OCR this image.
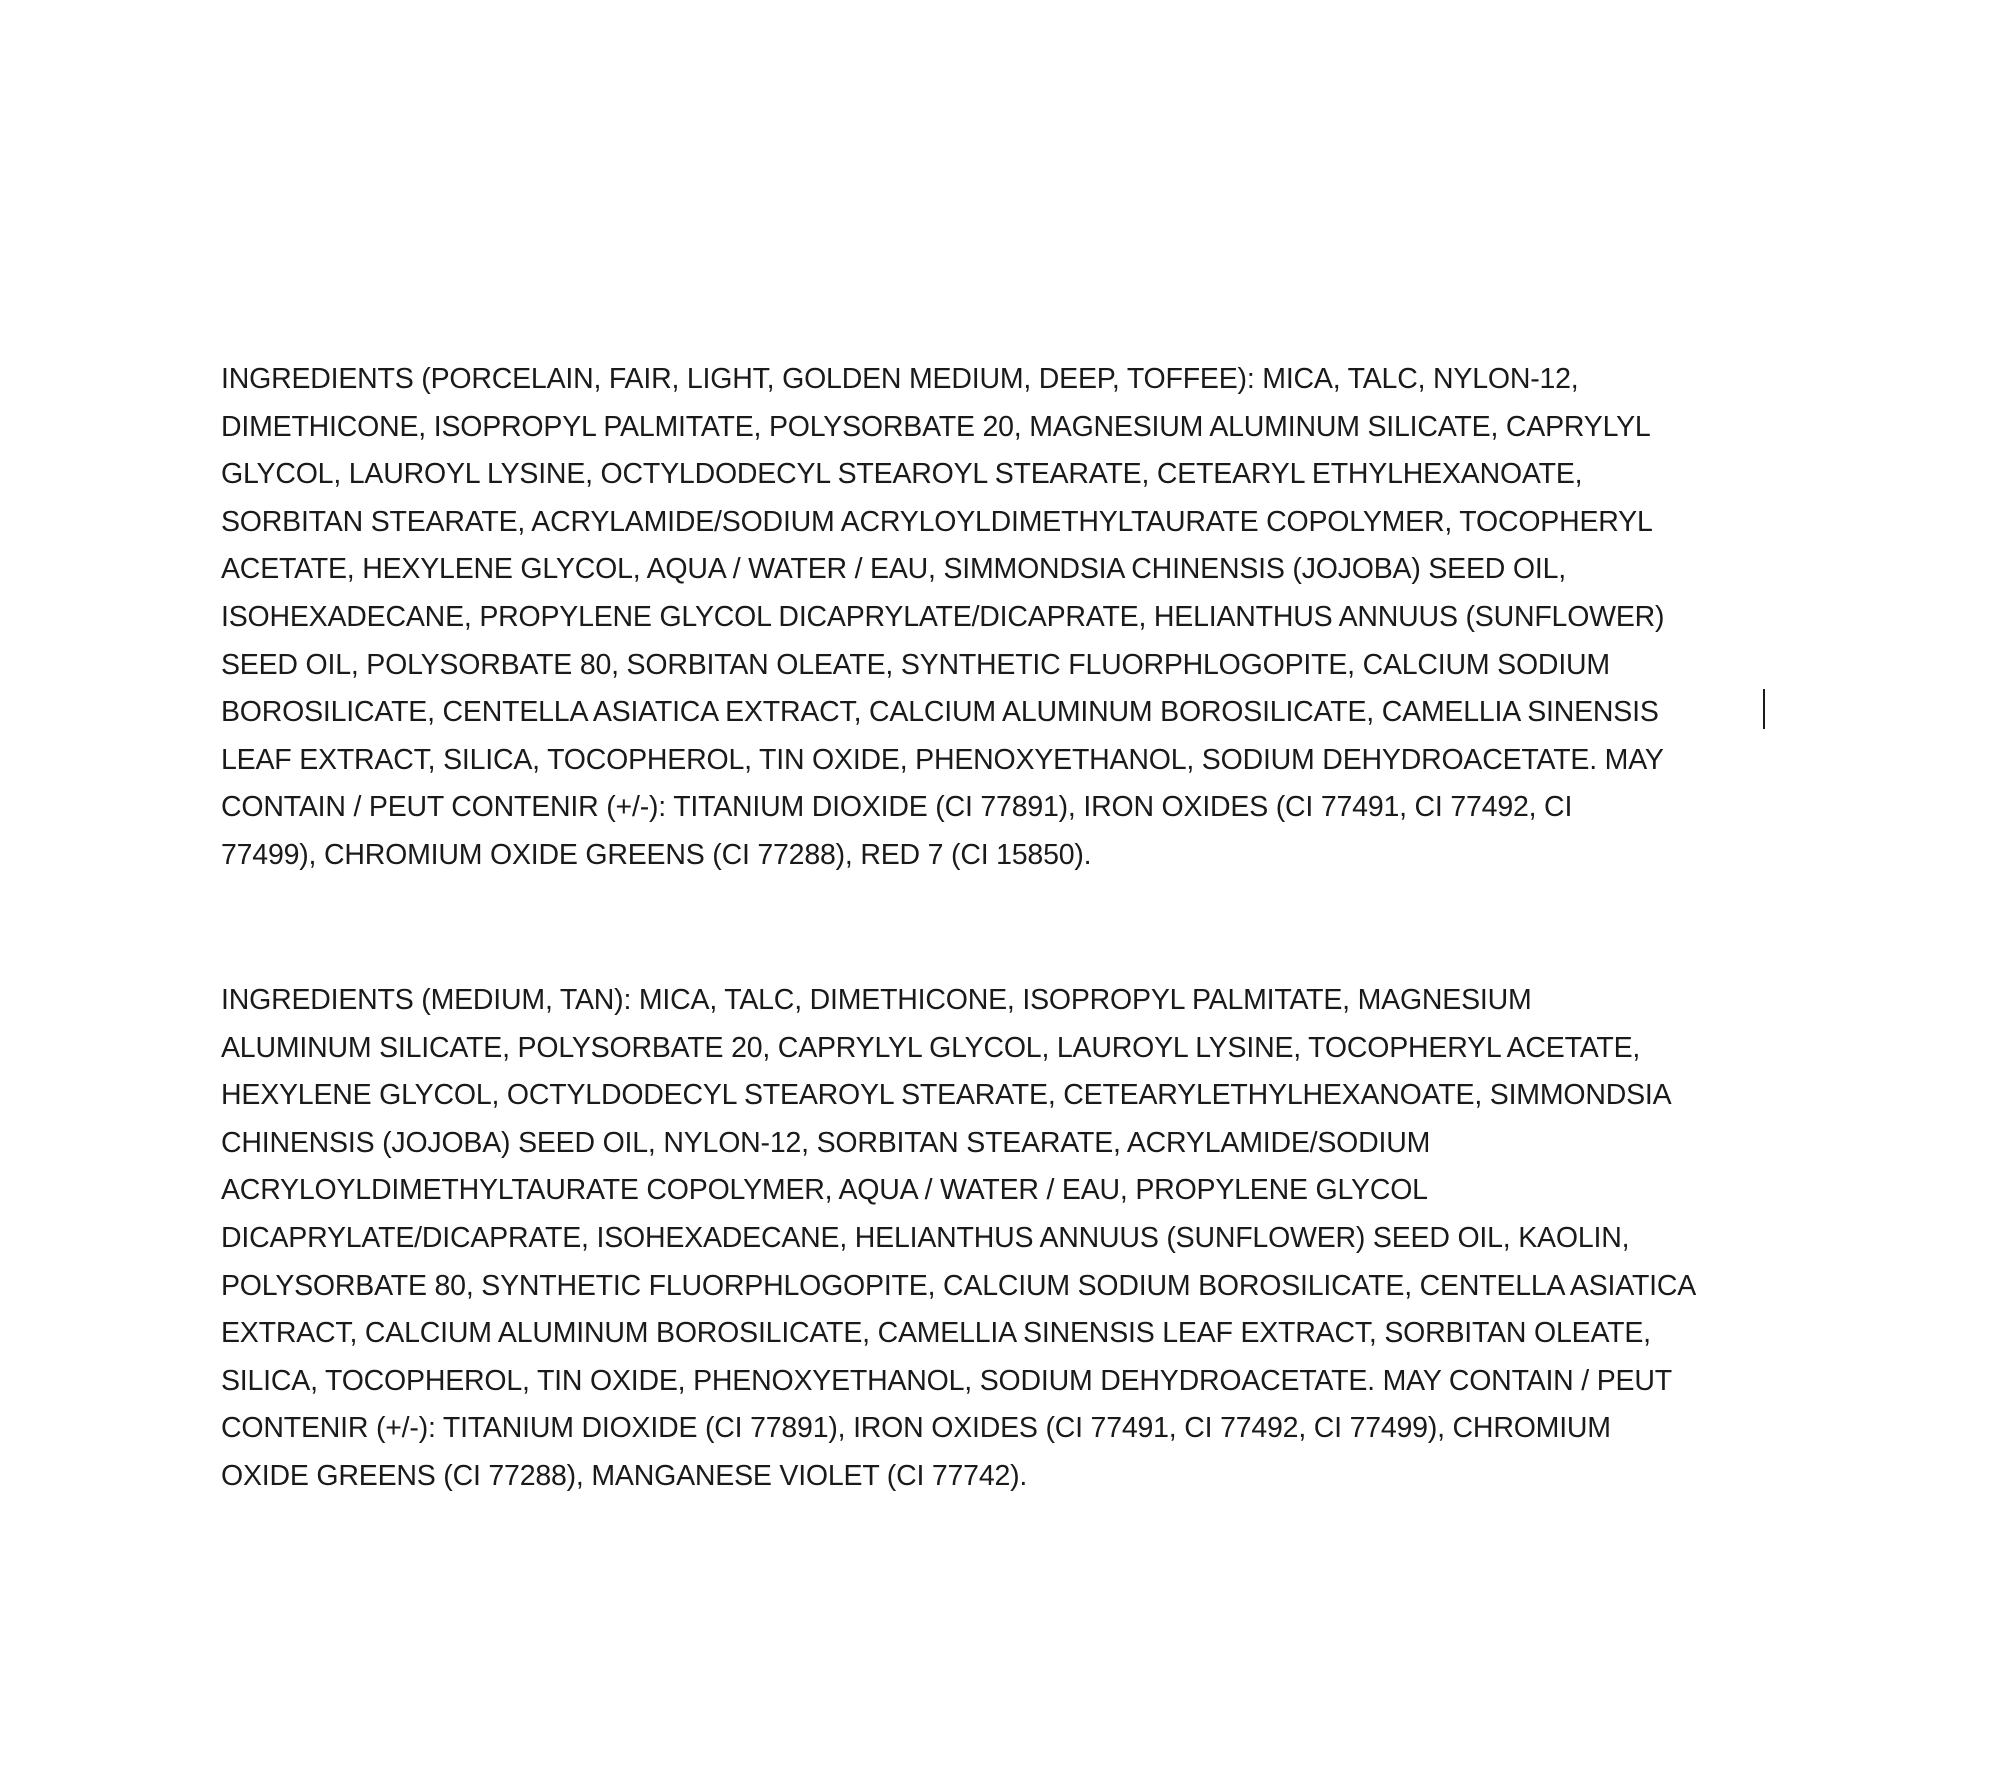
INGREDIENTS (PORCELAIN, FAIR, LIGHT, GOLDEN MEDIUM, DEEP, TOFFEE): MICA, TALC, NYLON-12,
DIMETHICONE, ISOPROPYL PALMITATE, POLYSORBATE 20, MAGNESIUM ALUMINUM SILICATE, CAPRYLYL
GLYCOL, LAUROYL LYSINE, OCTYLDODECYL STEAROYL STEARATE, CETEARYL ETHYLHEXANOATE,
SORBITAN STEARATE, ACRYLAMIDE/SODIUM ACRYLOYLDIMETHYLTAURATE COPOLYMER, TOCOPHERYL
ACETATE, HEXYLENE GLYCOL, AQUA / WATER / EAU, SIMMONDSIA CHINENSIS (JOJOBA) SEED OIL,
ISOHEXADECANE, PROPYLENE GLYCOL DICAPRYLATE/DICAPRATE, HELIANTHUS ANNUUS (SUNFLOWER)
SEED OIL, POLYSORBATE 80, SORBITAN OLEATE, SYNTHETIC FLUORPHLOGOPITE, CALCIUM SODIUM
BOROSILICATE, CENTELLA ASIATICA EXTRACT, CALCIUM ALUMINUM BOROSILICATE, CAMELLIA SINENSIS
LEAF EXTRACT, SILICA, TOCOPHEROL, TIN OXIDE, PHENOXYETHANOL, SODIUM DEHYDROACETATE. MAY
CONTAIN / PEUT CONTENIR (+/-): TITANIUM DIOXIDE (CI 77891), IRON OXIDES (CI 77491, CI 77492, CI
77499), CHROMIUM OXIDE GREENS (CI 77288), RED 7 (CI 15850).

INGREDIENTS (MEDIUM, TAN): MICA, TALC, DIMETHICONE, ISOPROPYL PALMITATE, MAGNESIUM
ALUMINUM SILICATE, POLYSORBATE 20, CAPRYLYL GLYCOL, LAUROYL LYSINE, TOCOPHERYL ACETATE,
HEXYLENE GLYCOL, OCTYLDODECYL STEAROYL STEARATE, CETEARYLETHYLHEXANOATE, SIMMONDSIA
CHINENSIS (JOJOBA) SEED OIL, NYLON-12, SORBITAN STEARATE, ACRYLAMIDE/SODIUM
ACRYLOYLDIMETHYLTAURATE COPOLYMER, AQUA / WATER / EAU, PROPYLENE GLYCOL
DICAPRYLATE/DICAPRATE, ISOHEXADECANE, HELIANTHUS ANNUUS (SUNFLOWER) SEED OIL, KAOLIN,
POLYSORBATE 80, SYNTHETIC FLUORPHLOGOPITE, CALCIUM SODIUM BOROSILICATE, CENTELLA ASIATICA
EXTRACT, CALCIUM ALUMINUM BOROSILICATE, CAMELLIA SINENSIS LEAF EXTRACT, SORBITAN OLEATE,
SILICA, TOCOPHEROL, TIN OXIDE, PHENOXYETHANOL, SODIUM DEHYDROACETATE. MAY CONTAIN / PEUT
CONTENIR (+/-): TITANIUM DIOXIDE (CI 77891), IRON OXIDES (CI 77491, CI 77492, CI 77499), CHROMIUM
OXIDE GREENS (CI 77288), MANGANESE VIOLET (CI 77742).
